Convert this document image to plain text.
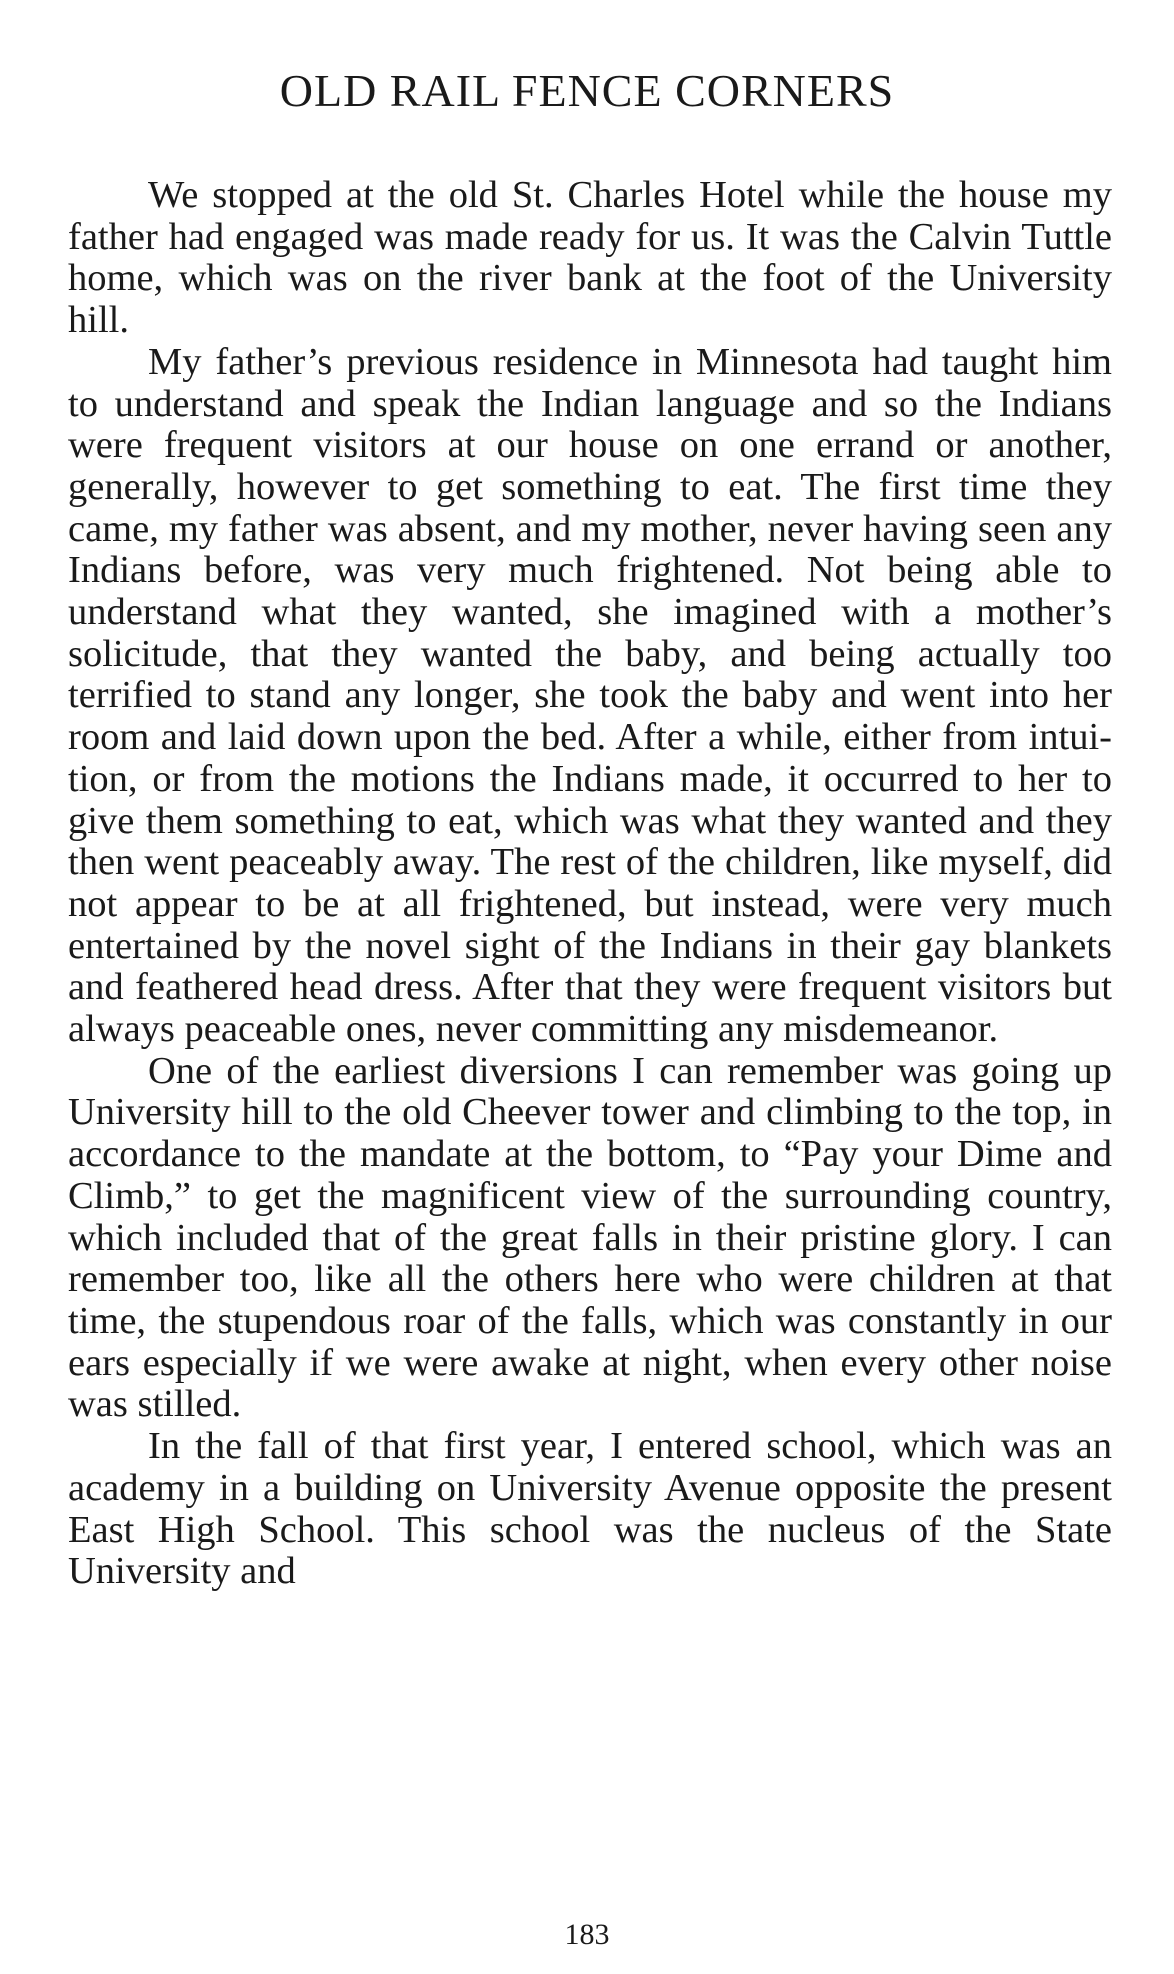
OLD RAIL FENCE CORNERS

We stopped at the old St. Charles Hotel while the house my father had engaged was made ready for us. It was the Calvin Tuttle home, which was on the river bank at the foot of the University hill.

My father’s previous residence in Minnesota had taught him to understand and speak the Indian language and so the Indians were frequent visitors at our house on one errand or another, generally, however to get something to eat. The first time they came, my father was absent, and my mother, never having seen any Indians before, was very much frightened. Not being able to understand what they wanted, she imagined with a mother’s solicitude, that they wanted the baby, and being actually too terrified to stand any longer, she took the baby and went into her room and laid down upon the bed. After a while, either from intuition, or from the motions the Indians made, it occurred to her to give them something to eat, which was what they wanted and they then went peaceably away. The rest of the children, like myself, did not appear to be at all frightened, but instead, were very much entertained by the novel sight of the Indians in their gay blankets and feathered head dress. After that they were frequent visitors but always peaceable ones, never committing any misdemeanor.

One of the earliest diversions I can remember was going up University hill to the old Cheever tower and climbing to the top, in accordance to the mandate at the bottom, to “Pay your Dime and Climb,” to get the magnificent view of the surrounding country, which included that of the great falls in their pristine glory. I can remember too, like all the others here who were children at that time, the stupendous roar of the falls, which was constantly in our ears especially if we were awake at night, when every other noise was stilled.

In the fall of that first year, I entered school, which was an academy in a building on University Avenue opposite the present East High School. This school was the nucleus of the State University and

183
